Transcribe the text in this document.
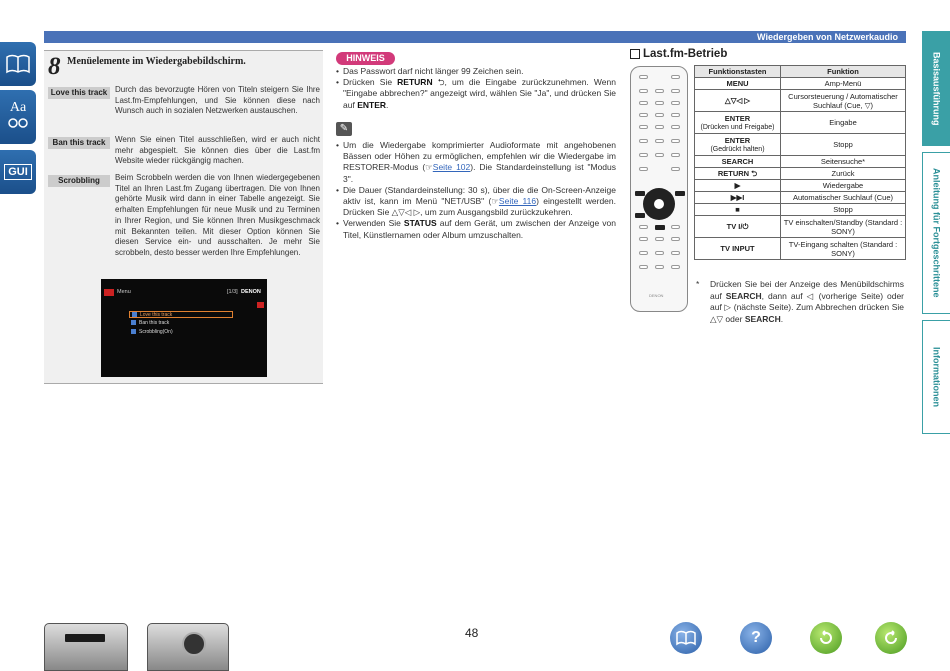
Wiedergeben von Netzwerkaudio
Aa
GUI
Basisausführung
Anleitung für Fortgeschrittene
Informationen
8 Menüelemente im Wiedergabebildschirm.
Love this track Durch das bevorzugte Hören von Titeln steigern Sie Ihre Last.fm-Empfehlungen, und Sie können diese nach Wunsch auch in sozialen Netzwerken austauschen.
Ban this track	Wenn Sie einen Titel ausschließen, wird er auch nicht mehr abgespielt. Sie können dies über die Last.fm Website wieder rückgängig machen.
Scrobbling	Beim Scrobbeln werden die von Ihnen wiedergegebenen Titel an Ihren Last.fm Zugang übertragen. Die von Ihnen gehörte Musik wird dann in einer Tabelle angezeigt. Sie erhalten Empfehlungen für neue Musik und zu Terminen in Ihrer Region, und Sie können Ihren Musikgeschmack mit Bekannten teilen. Mit dieser Option können Sie diesen Service ein- und ausschalten. Je mehr Sie scrobbeln, desto besser werden Ihre Empfehlungen.
Menu	[1/3] DENON
Love this track
Ban this track
Scrobbling(On)
HINWEIS
• Das Passwort darf nicht länger 99 Zeichen sein.
• Drücken Sie RETURN ⮌, um die Eingabe zurückzunehmen. Wenn "Eingabe abbrechen?" angezeigt wird, wählen Sie "Ja", und drücken Sie auf ENTER.
✎
• Um die Wiedergabe komprimierter Audioformate mit angehobenen Bässen oder Höhen zu ermöglichen, empfehlen wir die Wiedergabe im RESTORER-Modus (☞Seite 102). Die Standardeinstellung ist "Modus 3".
• Die Dauer (Standardeinstellung: 30 s), über die die On-Screen-Anzeige aktiv ist, kann im Menü "NET/USB" (☞Seite 116) eingestellt werden. Drücken Sie △▽◁ ▷, um zum Ausgangsbild zurückzukehren.
• Verwenden Sie STATUS auf dem Gerät, um zwischen der Anzeige von Titel, Künstlernamen oder Album umzuschalten.
Last.fm-Betrieb
DENON
Funktionstasten	Funktion
MENU	Amp-Menü
△▽◁ ▷	Cursorsteuerung / Automatischer Suchlauf (Cue, ▽)
ENTER
(Drücken und Freigabe)	Eingabe
ENTER
(Gedrückt halten)	Stopp
SEARCH	Seitensuche*
RETURN ⮌	Zurück
▶	Wiedergabe
▶▶I	Automatischer Suchlauf (Cue)
■	Stopp
TV I/⏻	TV einschalten/Standby (Standard : SONY)
TV INPUT	TV-Eingang schalten (Standard : SONY)
*	Drücken Sie bei der Anzeige des Menübildschirms auf SEARCH, dann auf ◁ (vorherige Seite) oder auf ▷ (nächste Seite). Zum Abbrechen drücken Sie △▽ oder SEARCH.

48	?
